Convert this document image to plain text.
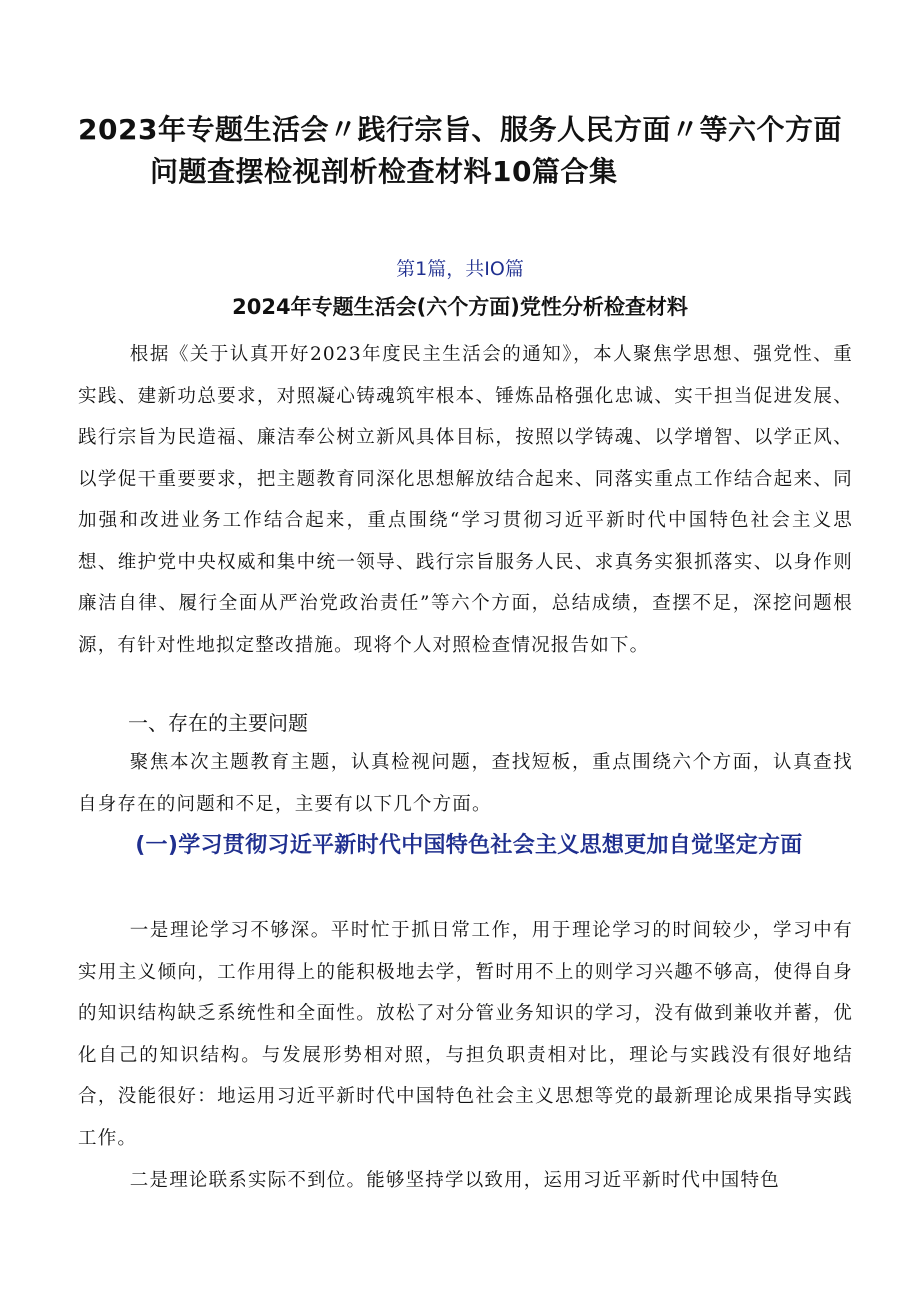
2023年专题生活会〃践行宗旨、服务人民方面〃等六个方面
问题查摆检视剖析检查材料10篇合集
第1篇，共IO篇
2024年专题生活会(六个方面)党性分析检查材料

根据《关于认真开好2023年度民主生活会的通知》，本人聚焦学思想、强党性、重实践、建新功总要求，对照凝心铸魂筑牢根本、锤炼品格强化忠诚、实干担当促进发展、践行宗旨为民造福、廉洁奉公树立新风具体目标，按照以学铸魂、以学增智、以学正风、以学促干重要要求，把主题教育同深化思想解放结合起来、同落实重点工作结合起来、同加强和改进业务工作结合起来，重点围绕“学习贯彻习近平新时代中国特色社会主义思想、维护党中央权威和集中统一领导、践行宗旨服务人民、求真务实狠抓落实、以身作则廉洁自律、履行全面从严治党政治责任”等六个方面，总结成绩，查摆不足，深挖问题根源，有针对性地拟定整改措施。现将个人对照检查情况报告如下。

一、存在的主要问题

聚焦本次主题教育主题，认真检视问题，查找短板，重点围绕六个方面，认真查找自身存在的问题和不足，主要有以下几个方面。

(一)学习贯彻习近平新时代中国特色社会主义思想更加自觉坚定方面

一是理论学习不够深。平时忙于抓日常工作，用于理论学习的时间较少，学习中有实用主义倾向，工作用得上的能积极地去学，暂时用不上的则学习兴趣不够高，使得自身的知识结构缺乏系统性和全面性。放松了对分管业务知识的学习，没有做到兼收并蓄，优化自己的知识结构。与发展形势相对照，与担负职责相对比，理论与实践没有很好地结合，没能很好：地运用习近平新时代中国特色社会主义思想等党的最新理论成果指导实践工作。

二是理论联系实际不到位。能够坚持学以致用，运用习近平新时代中国特色
